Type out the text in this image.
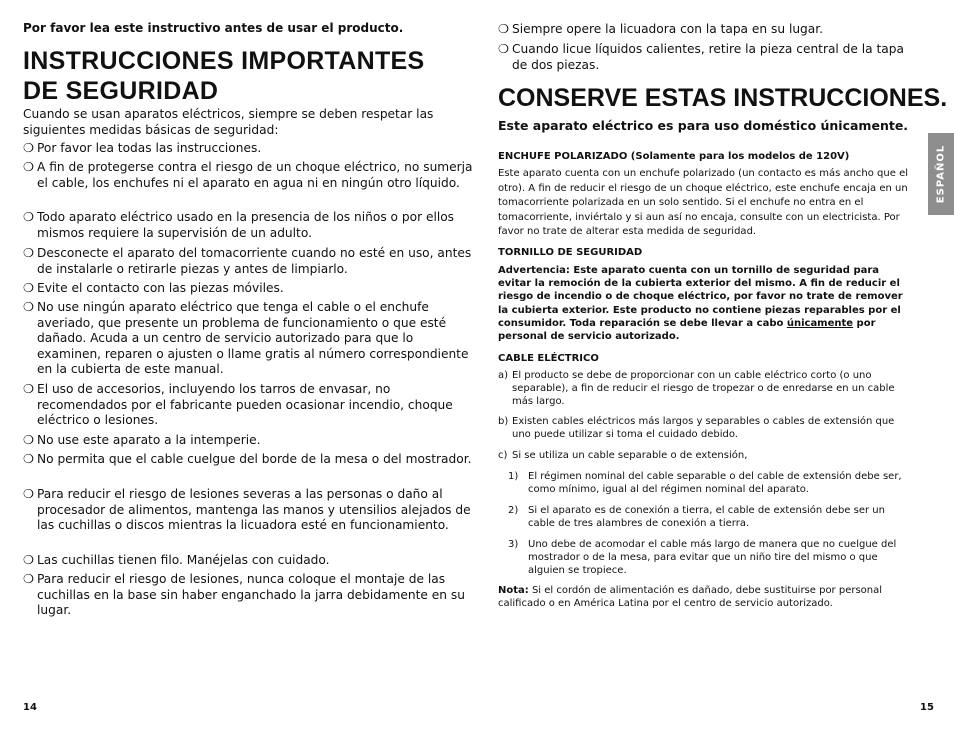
Por favor lea este instructivo antes de usar el producto.
INSTRUCCIONES IMPORTANTES
DE SEGURIDAD
Cuando se usan aparatos eléctricos, siempre se deben respetar las siguientes medidas básicas de seguridad:
❍ Por favor lea todas las instrucciones.
❍ A fin de protegerse contra el riesgo de un choque eléctrico, no sumerja el cable, los enchufes ni el aparato en agua ni en ningún otro líquido.
❍ Todo aparato eléctrico usado en la presencia de los niños o por ellos mismos requiere la supervisión de un adulto.
❍ Desconecte el aparato del tomacorriente cuando no esté en uso, antes de instalarle o retirarle piezas y antes de limpiarlo.
❍ Evite el contacto con las piezas móviles.
❍ No use ningún aparato eléctrico que tenga el cable o el enchufe averiado, que presente un problema de funcionamiento o que esté dañado. Acuda a un centro de servicio autorizado para que lo examinen, reparen o ajusten o llame gratis al número correspondiente en la cubierta de este manual.
❍ El uso de accesorios, incluyendo los tarros de envasar, no recomendados por el fabricante pueden ocasionar incendio, choque eléctrico o lesiones.
❍ No use este aparato a la intemperie.
❍ No permita que el cable cuelgue del borde de la mesa o del mostrador.
❍ Para reducir el riesgo de lesiones severas a las personas o daño al procesador de alimentos, mantenga las manos y utensilios alejados de las cuchillas o discos mientras la licuadora esté en funcionamiento.
❍ Las cuchillas tienen filo. Manéjelas con cuidado.
❍ Para reducir el riesgo de lesiones, nunca coloque el montaje de las cuchillas en la base sin haber enganchado la jarra debidamente en su lugar.
14
❍ Siempre opere la licuadora con la tapa en su lugar.
❍ Cuando licue líquidos calientes, retire la pieza central de la tapa de dos piezas.
CONSERVE ESTAS INSTRUCCIONES.
Este aparato eléctrico es para uso doméstico únicamente.
ENCHUFE POLARIZADO (Solamente para los modelos de 120V)
Este aparato cuenta con un enchufe polarizado (un contacto es más ancho que el otro). A fin de reducir el riesgo de un choque eléctrico, este enchufe encaja en un tomacorriente polarizada en un solo sentido. Si el enchufe no entra en el tomacorriente, inviértalo y si aun así no encaja, consulte con un electricista. Por favor no trate de alterar esta medida de seguridad.
TORNILLO DE SEGURIDAD
Advertencia: Este aparato cuenta con un tornillo de seguridad para evitar la remoción de la cubierta exterior del mismo. A fin de reducir el riesgo de incendio o de choque eléctrico, por favor no trate de remover la cubierta exterior. Este producto no contiene piezas reparables por el consumidor. Toda reparación se debe llevar a cabo únicamente por personal de servicio autorizado.
CABLE ELÉCTRICO
a) El producto se debe de proporcionar con un cable eléctrico corto (o uno separable), a fin de reducir el riesgo de tropezar o de enredarse en un cable más largo.
b) Existen cables eléctricos más largos y separables o cables de extensión que uno puede utilizar si toma el cuidado debido.
c) Si se utiliza un cable separable o de extensión,
1) El régimen nominal del cable separable o del cable de extensión debe ser, como mínimo, igual al del régimen nominal del aparato.
2) Si el aparato es de conexión a tierra, el cable de extensión debe ser un cable de tres alambres de conexión a tierra.
3) Uno debe de acomodar el cable más largo de manera que no cuelgue del mostrador o de la mesa, para evitar que un niño tire del mismo o que alguien se tropiece.
Nota: Si el cordón de alimentación es dañado, debe sustituirse por personal calificado o en América Latina por el centro de servicio autorizado.
ESPAÑOL
15
